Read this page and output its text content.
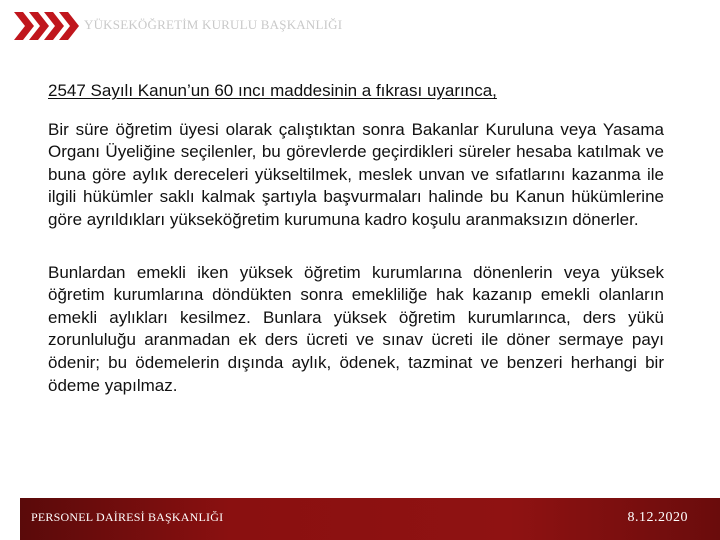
YÜKSEKÖĞRETİM KURULU BAŞKANLIĞI

2547 Sayılı Kanun’un 60 ıncı maddesinin a fıkrası uyarınca,

Bir süre öğretim üyesi olarak çalıştıktan sonra Bakanlar Kuruluna veya Yasama Organı Üyeliğine seçilenler, bu görevlerde geçirdikleri süreler hesaba katılmak ve buna göre aylık dereceleri yükseltilmek, meslek unvan ve sıfatlarını kazanma ile ilgili hükümler saklı kalmak şartıyla başvurmaları halinde bu Kanun hükümlerine göre ayrıldıkları yükseköğretim kurumuna kadro koşulu aranmaksızın dönerler.

Bunlardan emekli iken yüksek öğretim kurumlarına dönenlerin veya yüksek öğretim kurumlarına döndükten sonra emekliliğe hak kazanıp emekli olanların emekli aylıkları kesilmez. Bunlara yüksek öğretim kurumlarınca, ders yükü zorunluluğu aranmadan ek ders ücreti ve sınav ücreti ile döner sermaye payı ödenir; bu ödemelerin dışında aylık, ödenek, tazminat ve benzeri herhangi bir ödeme yapılmaz.

PERSONEL DAİRESİ BAŞKANLIĞI	8.12.2020
